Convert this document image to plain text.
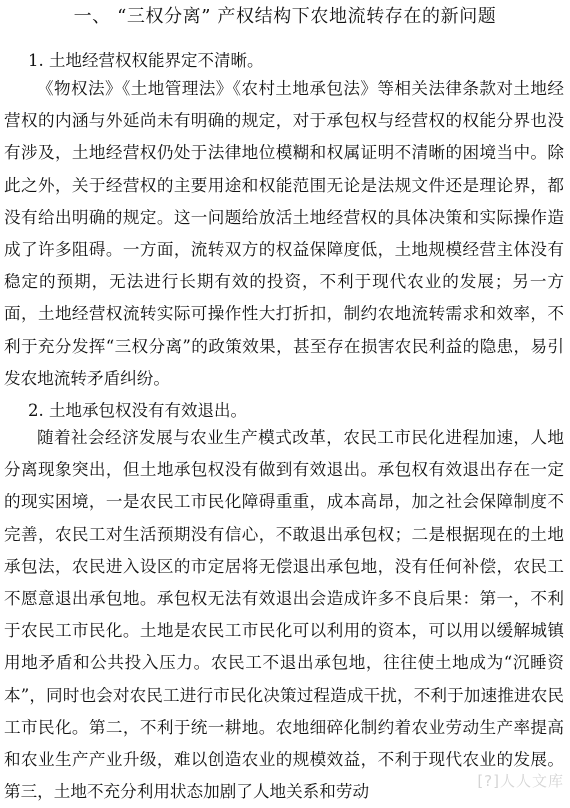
一、 “三权分离” 产权结构下农地流转存在的新问题
1. 土地经营权权能界定不清晰。

《物权法》《土地管理法》《农村土地承包法》等相关法律条款对土地经营权的内涵与外延尚未有明确的规定，对于承包权与经营权的权能分界也没有涉及，土地经营权仍处于法律地位模糊和权属证明不清晰的困境当中。除此之外，关于经营权的主要用途和权能范围无论是法规文件还是理论界，都没有给出明确的规定。这一问题给放活土地经营权的具体决策和实际操作造成了许多阻碍。一方面，流转双方的权益保障度低，土地规模经营主体没有稳定的预期，无法进行长期有效的投资，不利于现代农业的发展；另一方面，土地经营权流转实际可操作性大打折扣，制约农地流转需求和效率，不利于充分发挥“三权分离”的政策效果，甚至存在损害农民利益的隐患，易引发农地流转矛盾纠纷。

2. 土地承包权没有有效退出。

随着社会经济发展与农业生产模式改革，农民工市民化进程加速，人地分离现象突出，但土地承包权没有做到有效退出。承包权有效退出存在一定的现实困境，一是农民工市民化障碍重重，成本高昂，加之社会保障制度不完善，农民工对生活预期没有信心，不敢退出承包权；二是根据现在的土地承包法，农民进入设区的市定居将无偿退出承包地，没有任何补偿，农民工不愿意退出承包地。承包权无法有效退出会造成许多不良后果：第一，不利于农民工市民化。土地是农民工市民化可以利用的资本，可以用以缓解城镇用地矛盾和公共投入压力。农民工不退出承包地，往往使土地成为“沉睡资本”，同时也会对农民工进行市民化决策过程造成干扰，不利于加速推进农民工市民化。第二，不利于统一耕地。农地细碎化制约着农业劳动生产率提高和农业生产产业升级，难以创造农业的规模效益，不利于现代农业的发展。第三，土地不充分利用状态加剧了人地关系和劳动

[?]人人文库
